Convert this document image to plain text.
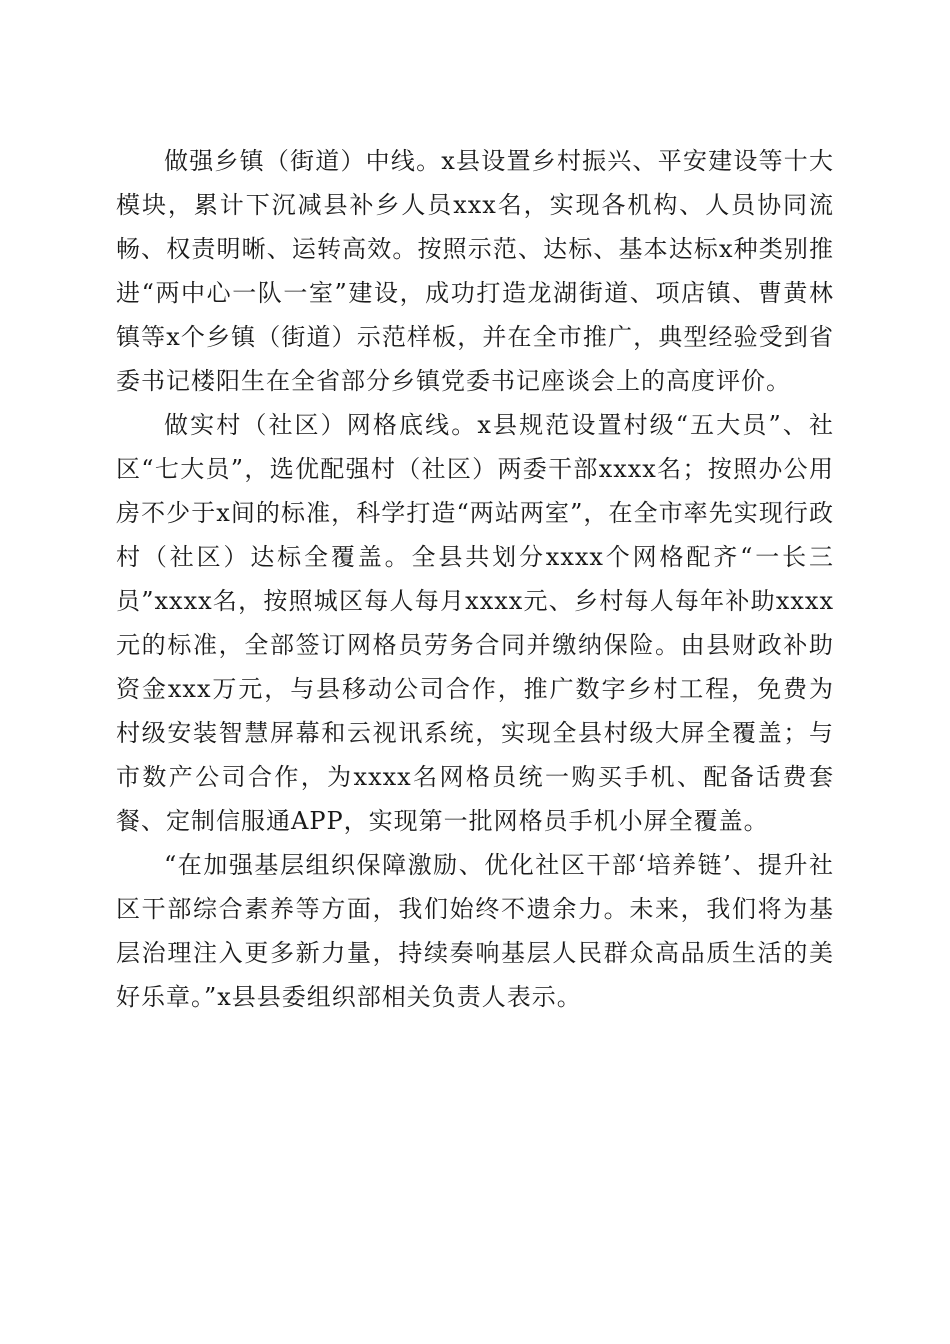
做强乡镇（街道）中线。x县设置乡村振兴、平安建设等十大模块，累计下沉减县补乡人员xxx名，实现各机构、人员协同流畅、权责明晰、运转高效。按照示范、达标、基本达标x种类别推进“两中心一队一室”建设，成功打造龙湖街道、项店镇、曹黄林镇等x个乡镇（街道）示范样板，并在全市推广，典型经验受到省委书记楼阳生在全省部分乡镇党委书记座谈会上的高度评价。

做实村（社区）网格底线。x县规范设置村级“五大员”、社区“七大员”，选优配强村（社区）两委干部xxxx名；按照办公用房不少于x间的标准，科学打造“两站两室”，在全市率先实现行政村（社区）达标全覆盖。全县共划分xxxx个网格配齐“一长三员”xxxx名，按照城区每人每月xxxx元、乡村每人每年补助xxxx元的标准，全部签订网格员劳务合同并缴纳保险。由县财政补助资金xxx万元，与县移动公司合作，推广数字乡村工程，免费为村级安装智慧屏幕和云视讯系统，实现全县村级大屏全覆盖；与市数产公司合作，为xxxx名网格员统一购买手机、配备话费套餐、定制信服通APP，实现第一批网格员手机小屏全覆盖。

“在加强基层组织保障激励、优化社区干部‘培养链’、提升社区干部综合素养等方面，我们始终不遗余力。未来，我们将为基层治理注入更多新力量，持续奏响基层人民群众高品质生活的美好乐章。”x县县委组织部相关负责人表示。
